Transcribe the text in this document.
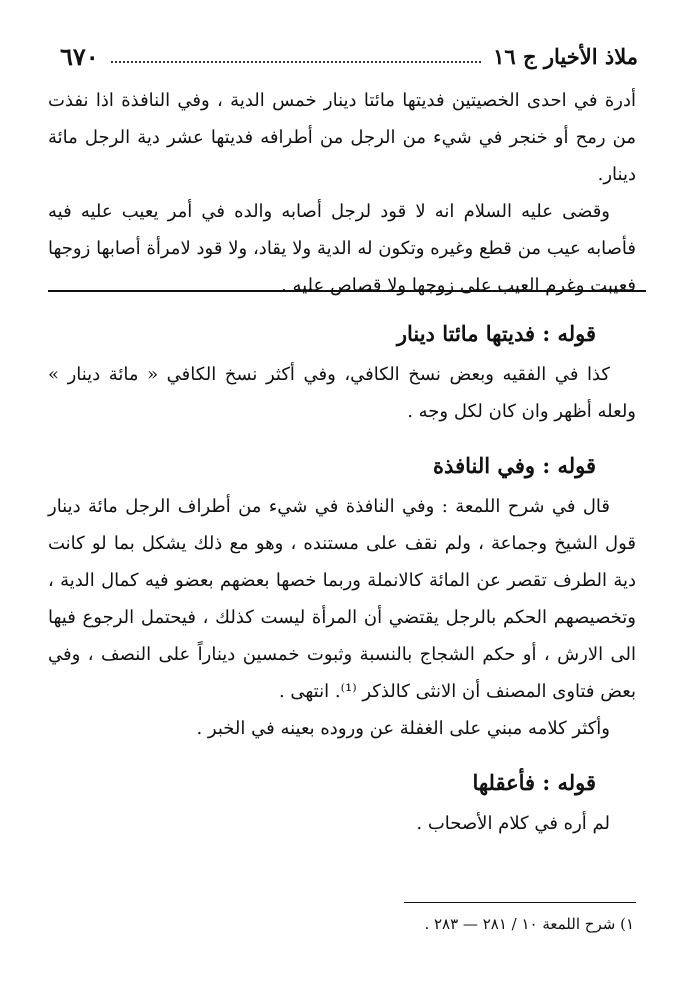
ملاذ الأخيار ج ١٦
٦٧٠

أدرة في احدى الخصيتين فديتها مائتا دينار خمس الدية ، وفي النافذة اذا نفذت من رمح أو خنجر في شيء من الرجل من أطرافه فديتها عشر دية الرجل مائة دينار.

وقضى عليه السلام انه لا قود لرجل أصابه والده في أمر يعيب عليه فيه فأصابه عيب من قطع وغيره وتكون له الدية ولا يقاد، ولا قود لامرأة أصابها زوجها فعيبت وغرم العيب على زوجها ولا قصاص عليه .

قوله : فديتها مائتا دينار

كذا في الفقيه وبعض نسخ الكافي، وفي أكثر نسخ الكافي « مائة دينار » ولعله أظهر وان كان لكل وجه .

قوله : وفي النافذة

قال في شرح اللمعة : وفي النافذة في شيء من أطراف الرجل مائة دينار قول الشيخ وجماعة ، ولم نقف على مستنده ، وهو مع ذلك يشكل بما لو كانت دية الطرف تقصر عن المائة كالانملة وربما خصها بعضهم بعضو فيه كمال الدية ، وتخصيصهم الحكم بالرجل يقتضي أن المرأة ليست كذلك ، فيحتمل الرجوع فيها الى الارش ، أو حكم الشجاج بالنسبة وثبوت خمسين ديناراً على النصف ، وفي بعض فتاوى المصنف أن الانثى كالذكر ⁽¹⁾. انتهى .

وأكثر كلامه مبني على الغفلة عن وروده بعينه في الخبر .

قوله : فأعقلها

لم أره في كلام الأصحاب .

١) شرح اللمعة ١٠ / ٢٨١ — ٢٨٣ .
